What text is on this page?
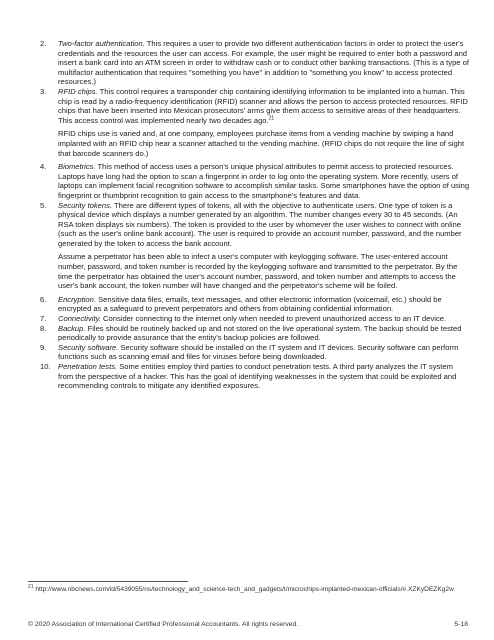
2.	Two-factor authentication. This requires a user to provide two different authentication factors in order to protect the user's credentials and the resources the user can access. For example, the user might be required to enter both a password and insert a bank card into an ATM screen in order to withdraw cash or to conduct other banking transactions. (This is a type of multifactor authentication that requires "something you have" in addition to "something you know" to access protected resources.)
3.	RFID chips. This control requires a transponder chip containing identifying information to be implanted into a human. This chip is read by a radio-frequency identification (RFID) scanner and allows the person to access protected resources. RFID chips that have been inserted into Mexican prosecutors' arms give them access to sensitive areas of their headquarters. This access control was implemented nearly two decades ago.$^{21}$
RFID chips use is varied and, at one company, employees purchase items from a vending machine by swiping a hand implanted with an RFID chip near a scanner attached to the vending machine. (RFID chips do not require the line of sight that barcode scanners do.)
4.	Biometrics. This method of access uses a person's unique physical attributes to permit access to protected resources. Laptops have long had the option to scan a fingerprint in order to log onto the operating system. More recently, users of laptops can implement facial recognition software to accomplish similar tasks. Some smartphones have the option of using fingerprint or thumbprint recognition to gain access to the smartphone's features and data.
5.	Security tokens. There are different types of tokens, all with the objective to authenticate users. One type of token is a physical device which displays a number generated by an algorithm. The number changes every 30 to 45 seconds. (An RSA token displays six numbers). The token is provided to the user by whomever the user wishes to connect with online (such as the user's online bank account). The user is required to provide an account number, password, and the number generated by the token to access the bank account.
Assume a perpetrator has been able to infect a user's computer with keylogging software. The user-entered account number, password, and token number is recorded by the keylogging software and transmitted to the perpetrator. By the time the perpetrator has obtained the user's account number, password, and token number and attempts to access the user's bank account, the token number will have changed and the perpetrator's scheme will be foiled.
6.	Encryption. Sensitive data files, emails, text messages, and other electronic information (voicemail, etc.) should be encrypted as a safeguard to prevent perpetrators and others from obtaining confidential information.
7.	Connectivity. Consider connecting to the internet only when needed to prevent unauthorized access to an IT device.
8.	Backup. Files should be routinely backed up and not stored on the live operational system. The backup should be tested periodically to provide assurance that the entity's backup policies are followed.
9.	Security software. Security software should be installed on the IT system and IT devices. Security software can perform functions such as scanning email and files for viruses before being downloaded.
10. Penetration tests. Some entities employ third parties to conduct penetration tests. A third party analyzes the IT system from the perspective of a hacker. This has the goal of identifying weaknesses in the system that could be exploited and recommending controls to mitigate any identified exposures.
$^{21}$ http://www.nbcnews.com/id/5439055/ns/technology_and_science-tech_and_gadgets/t/microchips-implanted-mexican-officials/#.XZKyDEZKg2w
© 2020 Association of International Certified Professional Accountants. All rights reserved.	5-18
